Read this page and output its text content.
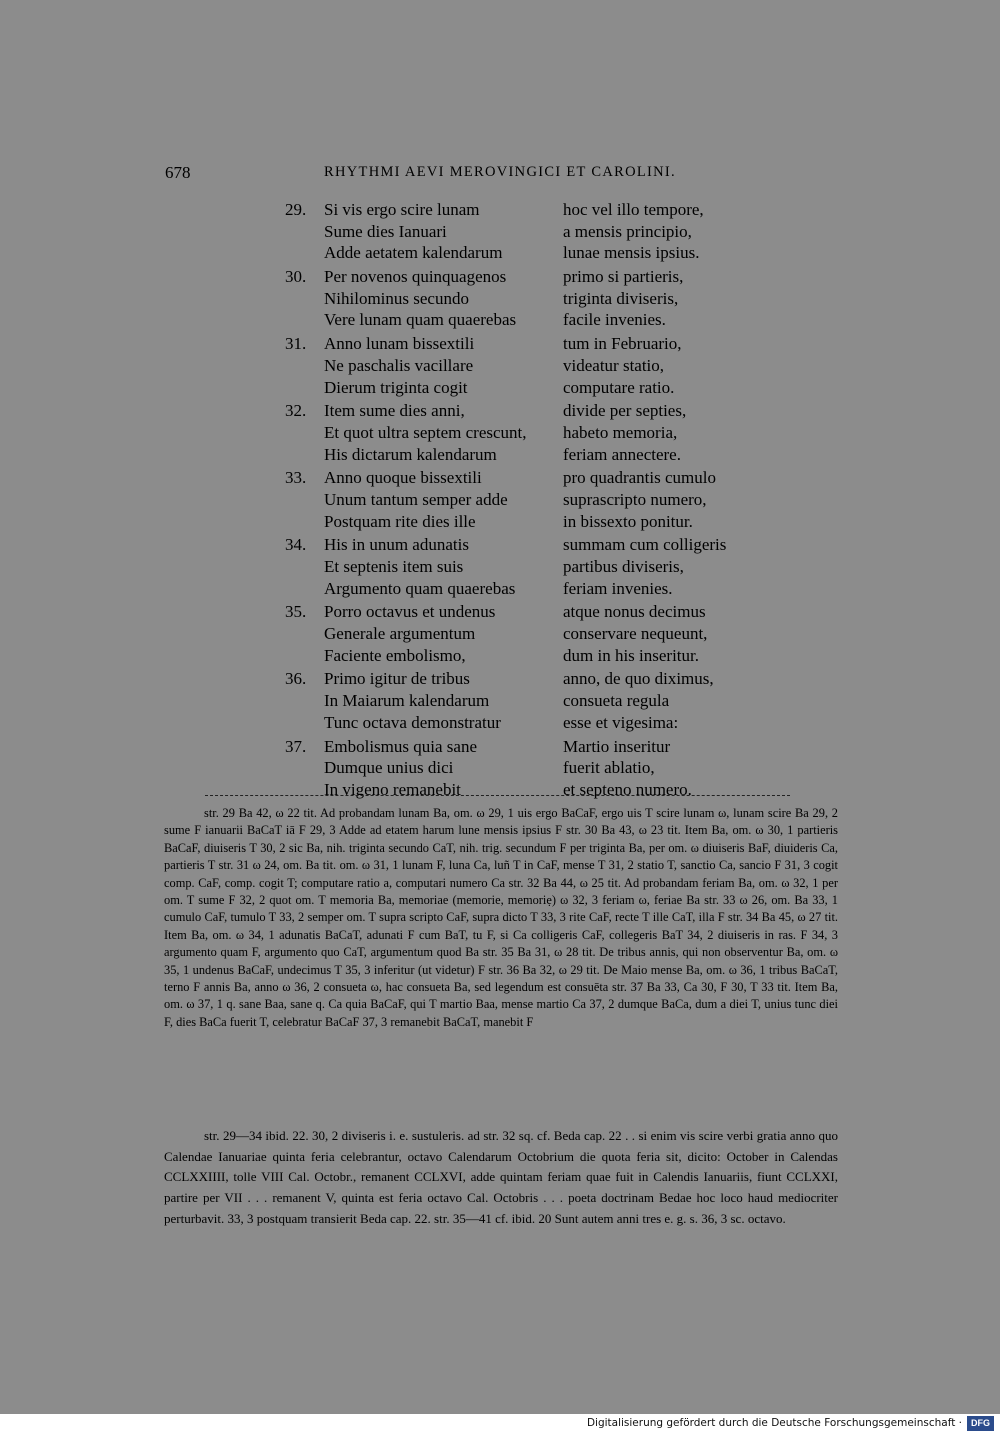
678	RHYTHMI AEVI MEROVINGICI ET CAROLINI.
29.	Si vis ergo scire lunam	hoc vel illo tempore,
Sume dies Ianuari	a mensis principio,
Adde aetatem kalendarum	lunae mensis ipsius.
30.	Per novenos quinquagenos	primo si partieris,
Nihilominus secundo	triginta diviseris,
Vere lunam quam quaerebas	facile invenies.
31.	Anno lunam bissextili	tum in Februario,
Ne paschalis vacillare	videatur statio,
Dierum triginta cogit	computare ratio.
32.	Item sume dies anni,	divide per septies,
Et quot ultra septem crescunt,	habeto memoria,
His dictarum kalendarum	feriam annectere.
33.	Anno quoque bissextili	pro quadrantis cumulo
Unum tantum semper adde	suprascripto numero,
Postquam rite dies ille	in bissexto ponitur.
34.	His in unum adunatis	summam cum colligeris
Et septenis item suis	partibus diviseris,
Argumento quam quaerebas	feriam invenies.
35.	Porro octavus et undenus	atque nonus decimus
Generale argumentum	conservare nequeunt,
Faciente embolismo,	dum in his inseritur.
36.	Primo igitur de tribus	anno, de quo diximus,
In Maiarum kalendarum	consueta regula
Tunc octava demonstratur	esse et vigesima:
37.	Embolismus quia sane	Martio inseritur
Dumque unius dici	fuerit ablatio,
In vigeno remanebit	et septeno numero.
str. 29 Ba 42, ω 22 tit. Ad probandam lunam Ba, om. ω 29, 1 uis ergo BaCaF, ergo uis T scire lunam ω, lunam scire Ba 29, 2 sume F ianuarii BaCaT iā F 29, 3 Adde ad etatem harum lune mensis ipsius F str. 30 Ba 43, ω 23 tit. Item Ba, om. ω 30, 1 partieris BaCaF, diuiseris T 30, 2 sic Ba, nih. triginta secundo CaT, nih. trig. secundum F per triginta Ba, per om. ω diuiseris BaF, diuideris Ca, partieris T str. 31 ω 24, om. Ba tit. om. ω 31, 1 lunam F, luna Ca, luñ T in CaF, mense T 31, 2 statio T, sanctio Ca, sancio F 31, 3 cogit comp. CaF, comp. cogit T; computare ratio a, computari numero Ca str. 32 Ba 44, ω 25 tit. Ad probandam feriam Ba, om. ω 32, 1 per om. T sume F 32, 2 quot om. T memoria Ba, memoriae (memorie, memoriẹ) ω 32, 3 feriam ω, feriae Ba str. 33 ω 26, om. Ba 33, 1 cumulo CaF, tumulo T 33, 2 semper om. T supra scripto CaF, supra dicto T 33, 3 rite CaF, recte T ille CaT, illa F str. 34 Ba 45, ω 27 tit. Item Ba, om. ω 34, 1 adunatis BaCaT, adunati F cum BaT, tu F, si Ca colligeris CaF, collegeris BaT 34, 2 diuiseris in ras. F 34, 3 argumento quam F, argumento quo CaT, argumentum quod Ba str. 35 Ba 31, ω 28 tit. De tribus annis, qui non observentur Ba, om. ω 35, 1 undenus BaCaF, undecimus T 35, 3 inferitur (ut videtur) F str. 36 Ba 32, ω 29 tit. De Maio mense Ba, om. ω 36, 1 tribus BaCaT, terno F annis Ba, anno ω 36, 2 consueta ω, hac consueta Ba, sed legendum est consuēta str. 37 Ba 33, Ca 30, F 30, T 33 tit. Item Ba, om. ω 37, 1 q. sane Baa, sane q. Ca quia BaCaF, qui T martio Baa, mense martio Ca 37, 2 dumque BaCa, dum a diei T, unius tunc diei F, dies BaCa fuerit T, celebratur BaCaF 37, 3 remanebit BaCaT, manebit F
str. 29—34 ibid. 22. 30, 2 diviseris i. e. sustuleris. ad str. 32 sq. cf. Beda cap. 22 . . si enim vis scire verbi gratia anno quo Calendae Ianuariae quinta feria celebrantur, octavo Calendarum Octobrium die quota feria sit, dicito: October in Calendas CCLXXIIII, tolle VIII Cal. Octobr., remanent CCLXVI, adde quintam feriam quae fuit in Calendis Ianuariis, fiunt CCLXXI, partire per VII . . . remanent V, quinta est feria octavo Cal. Octobris . . . poeta doctrinam Bedae hoc loco haud mediocriter perturbavit. 33, 3 postquam transierit Beda cap. 22. str. 35—41 cf. ibid. 20 Sunt autem anni tres e. g. s. 36, 3 sc. octavo.
Digitalisierung gefördert durch die Deutsche Forschungsgemeinschaft ·	DFG
